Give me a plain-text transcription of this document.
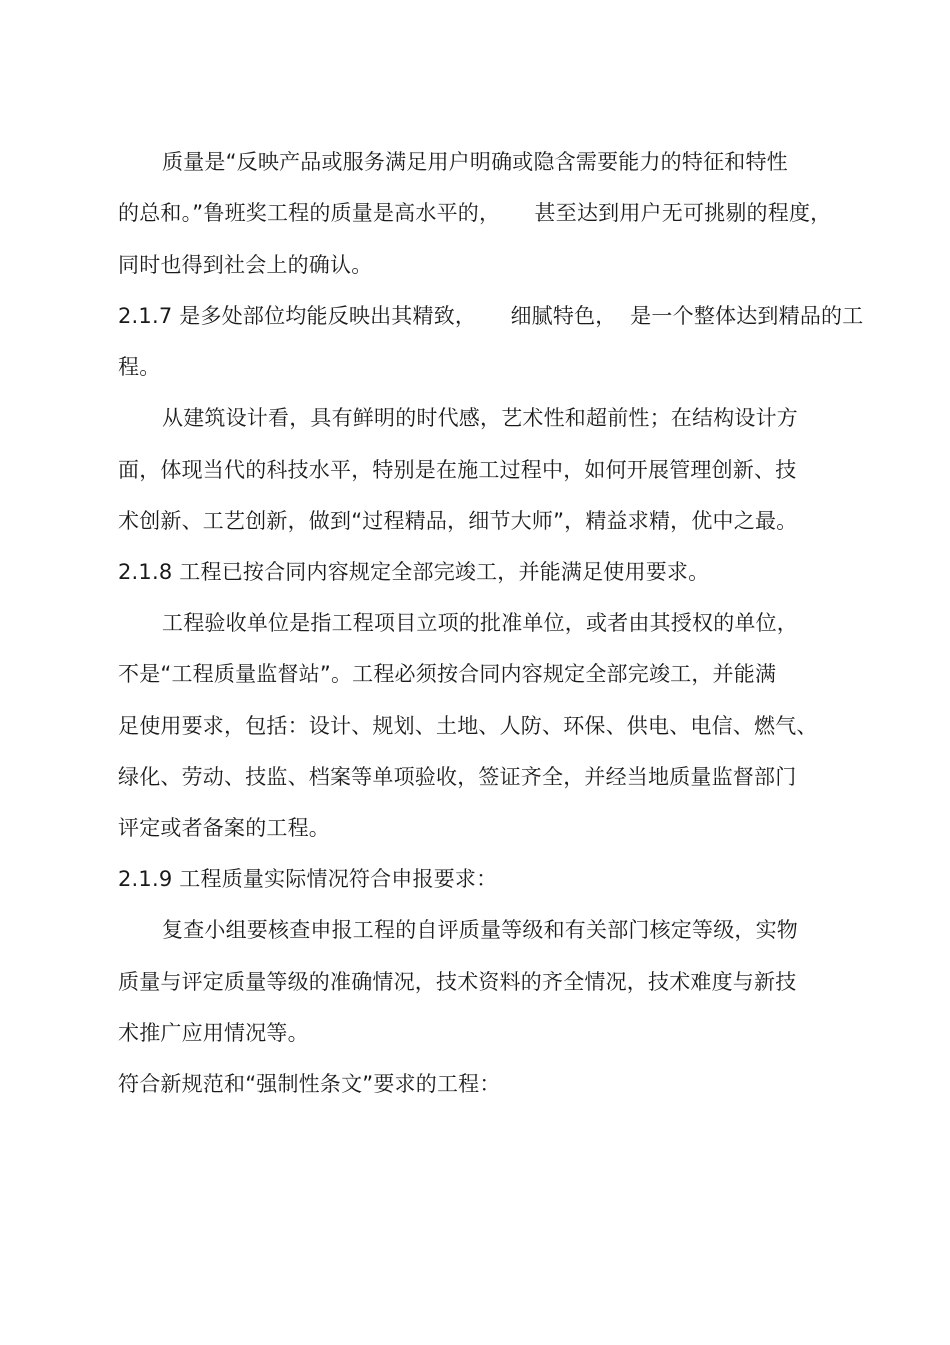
质量是“反映产品或服务满足用户明确或隐含需要能力的特征和特性
的总和。”鲁班奖工程的质量是高水平的，     甚至达到用户无可挑剔的程度，
同时也得到社会上的确认。
2.1.7 是多处部位均能反映出其精致，     细腻特色，  是一个整体达到精品的工
程。
从建筑设计看，具有鲜明的时代感，艺术性和超前性；在结构设计方
面，体现当代的科技水平，特别是在施工过程中，如何开展管理创新、技
术创新、工艺创新，做到“过程精品，细节大师”，精益求精，优中之最。
2.1.8 工程已按合同内容规定全部完竣工，并能满足使用要求。
工程验收单位是指工程项目立项的批准单位，或者由其授权的单位，
不是“工程质量监督站”。工程必须按合同内容规定全部完竣工，并能满
足使用要求，包括：设计、规划、土地、人防、环保、供电、电信、燃气、
绿化、劳动、技监、档案等单项验收，签证齐全，并经当地质量监督部门
评定或者备案的工程。
2.1.9 工程质量实际情况符合申报要求：
复查小组要核查申报工程的自评质量等级和有关部门核定等级，实物
质量与评定质量等级的准确情况，技术资料的齐全情况，技术难度与新技
术推广应用情况等。
符合新规范和“强制性条文”要求的工程：
